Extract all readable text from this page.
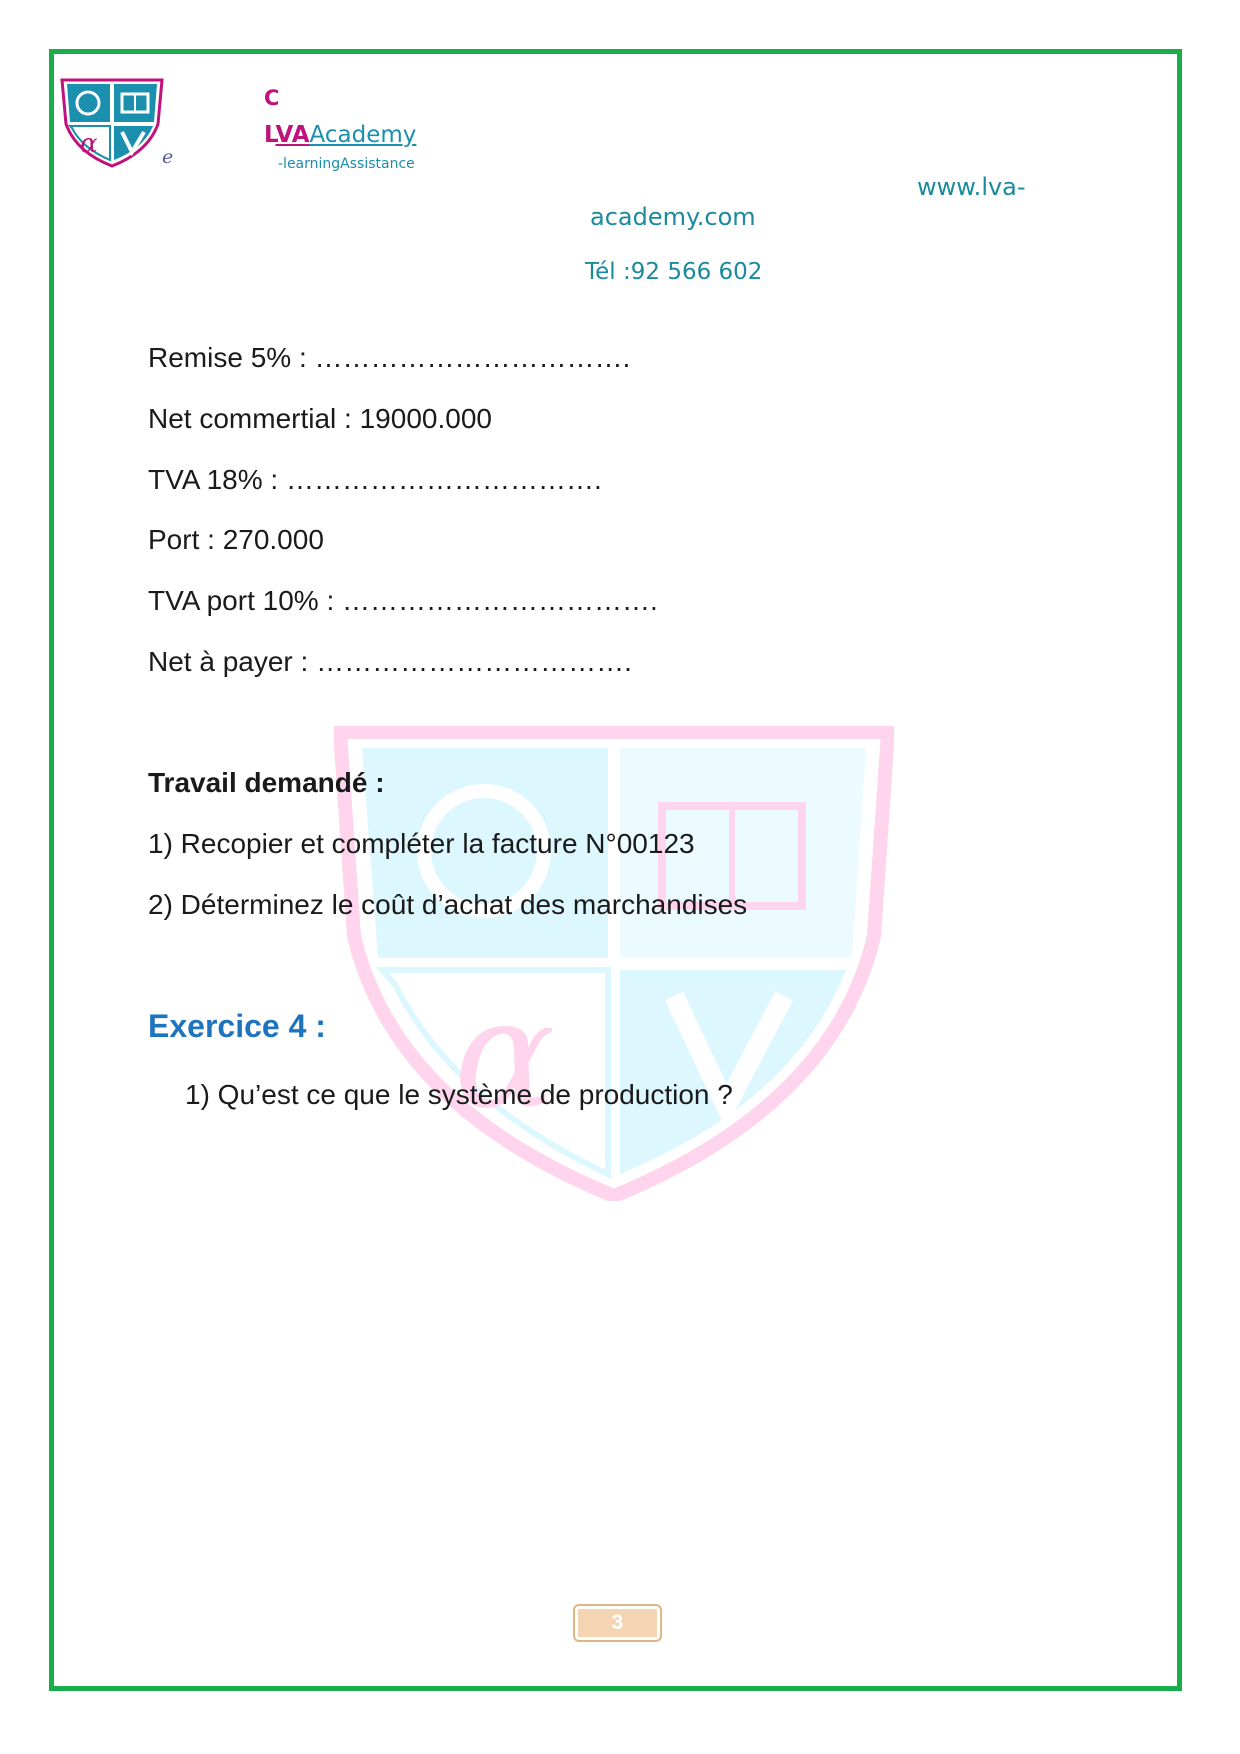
α	e
C
LVAAcademy
-learningAssistance
www.lva-
academy.com
Tél :92 566 602
α
Remise 5% : …………………………….
Net commertial : 19000.000
TVA 18% : …………………………….
Port : 270.000
TVA port 10% : …………………………….
Net à payer : …………………………….
Travail demandé :
1) Recopier et compléter la facture N°00123
2) Déterminez le coût d’achat des marchandises
Exercice 4 :
1) Qu’est ce que le système de production ?
3
